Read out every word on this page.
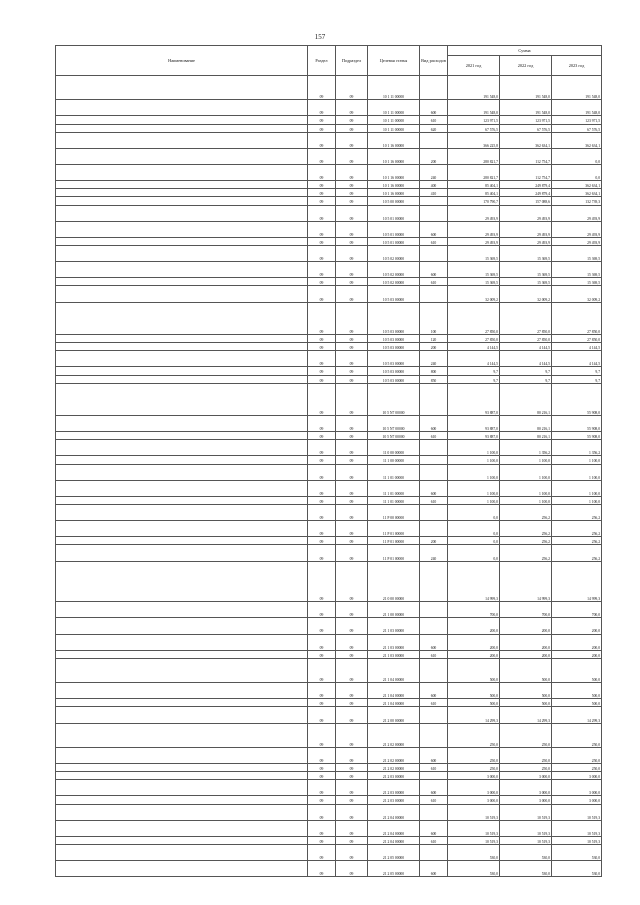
157
Наименование	Раздел	Подраздел	Целевая статья	Вид расходов	Сумма		
					2021 год	2022 год	2023 год
	09	09	10 1 11 00000		191 548,0	191 548,0	191 548,0
	09	09	10 1 11 00000	600	191 548,0	191 548,0	191 548,0
	09	09	10 1 11 00000	610	123 971,5	123 971,5	123 971,5
	09	09	10 1 11 00000	620	67 576,5	67 576,5	67 576,5
	09	09	10 1 16 00000		366 225,8	362 634,1	362 634,1
	09	09	10 1 16 00000	200	280 821,7	112 754,7	0,0
	09	09	10 1 16 00000	240	280 821,7	112 754,7	0,0
	09	09	10 1 16 00000	400	85 404,1	249 879,4	362 634,1
	09	09	10 1 16 00000	410	85 404,1	249 879,4	362 634,1
	09	09	10 5 00 00000		170 790,7	157 088,6	132 739,3
	09	09	10 5 01 00000		29 493,9	29 493,9	29 493,9
	09	09	10 5 01 00000	600	29 493,9	29 493,9	29 493,9
	09	09	10 5 01 00000	610	29 493,9	29 493,9	29 493,9
	09	09	10 5 02 00000		15 369,5	15 369,5	15 369,5
	09	09	10 5 02 00000	600	15 369,5	15 369,5	15 369,5
	09	09	10 5 02 00000	610	15 369,5	15 369,5	15 369,5
	09	09	10 5 03 00000		32 009,2	32 009,2	32 009,2
	09	09	10 5 03 00000	100	27 850,0	27 850,0	27 850,0
	09	09	10 5 03 00000	120	27 850,0	27 850,0	27 850,0
	09	09	10 5 03 00000	200	4 144,5	4 144,5	4 144,5
	09	09	10 5 03 00000	240	4 144,5	4 144,5	4 144,5
	09	09	10 5 03 00000	800	9,7	9,7	9,7
	09	09	10 5 03 00000	850	9,7	9,7	9,7
	09	09	10 5 N7 00000		93 887,0	80 216,1	55 908,0
	09	09	10 5 N7 00000	600	93 887,0	80 216,1	55 908,0
	09	09	10 5 N7 00000	610	93 887,0	80 216,1	55 908,0
	09	09	11 0 00 00000		1 100,0	1 356,2	1 356,2
	09	09	11 1 00 00000		1 100,0	1 100,0	1 100,0
	09	09	11 1 01 00000		1 100,0	1 100,0	1 100,0
	09	09	11 1 01 00000	600	1 100,0	1 100,0	1 100,0
	09	09	11 1 01 00000	610	1 100,0	1 100,0	1 100,0
	09	09	11 P 00 00000		0,0	256,2	256,2
	09	09	11 P 01 00000		0,0	256,2	256,2
	09	09	11 P 01 00000	200	0,0	256,2	256,2
	09	09	11 P 01 00000	240	0,0	256,2	256,2
	09	09	21 0 00 00000		14 999,3	14 999,3	14 999,3
	09	09	21 1 00 00000		700,0	700,0	700,0
	09	09	21 1 03 00000		200,0	200,0	200,0
	09	09	21 1 03 00000	600	200,0	200,0	200,0
	09	09	21 1 03 00000	610	200,0	200,0	200,0
	09	09	21 1 04 00000		500,0	500,0	500,0
	09	09	21 1 04 00000	600	500,0	500,0	500,0
	09	09	21 1 04 00000	610	500,0	500,0	500,0
	09	09	21 2 00 00000		14 299,3	14 299,3	14 299,3
	09	09	21 2 02 00000		250,0	250,0	250,0
	09	09	21 2 02 00000	600	250,0	250,0	250,0
	09	09	21 2 02 00000	610	250,0	250,0	250,0
	09	09	21 2 03 00000		3 000,0	3 000,0	3 000,0
	09	09	21 2 03 00000	600	3 000,0	3 000,0	3 000,0
	09	09	21 2 03 00000	610	3 000,0	3 000,0	3 000,0
	09	09	21 2 04 00000		10 519,3	10 519,3	10 519,3
	09	09	21 2 04 00000	600	10 519,3	10 519,3	10 519,3
	09	09	21 2 04 00000	610	10 519,3	10 519,3	10 519,3
	09	09	21 2 05 00000		530,0	530,0	530,0
	09	09	21 2 05 00000	600	530,0	530,0	530,0
